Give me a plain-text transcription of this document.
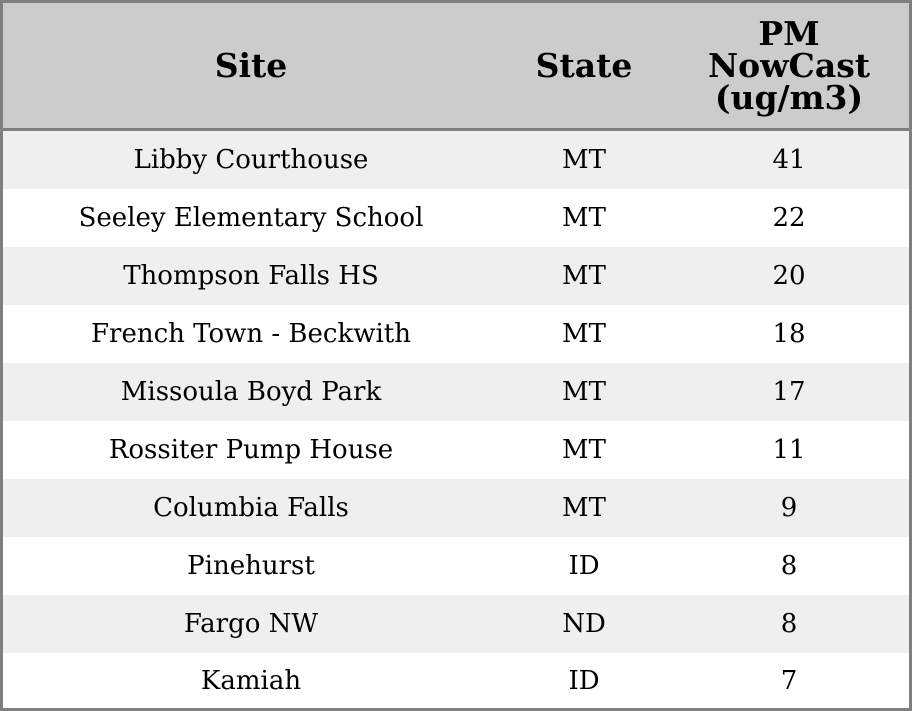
Site	State	PM
NowCast
(ug/m3)
Libby Courthouse	MT	41
Seeley Elementary School	MT	22
Thompson Falls HS	MT	20
French Town - Beckwith	MT	18
Missoula Boyd Park	MT	17
Rossiter Pump House	MT	11
Columbia Falls	MT	9
Pinehurst	ID	8
Fargo NW	ND	8
Kamiah	ID	7
